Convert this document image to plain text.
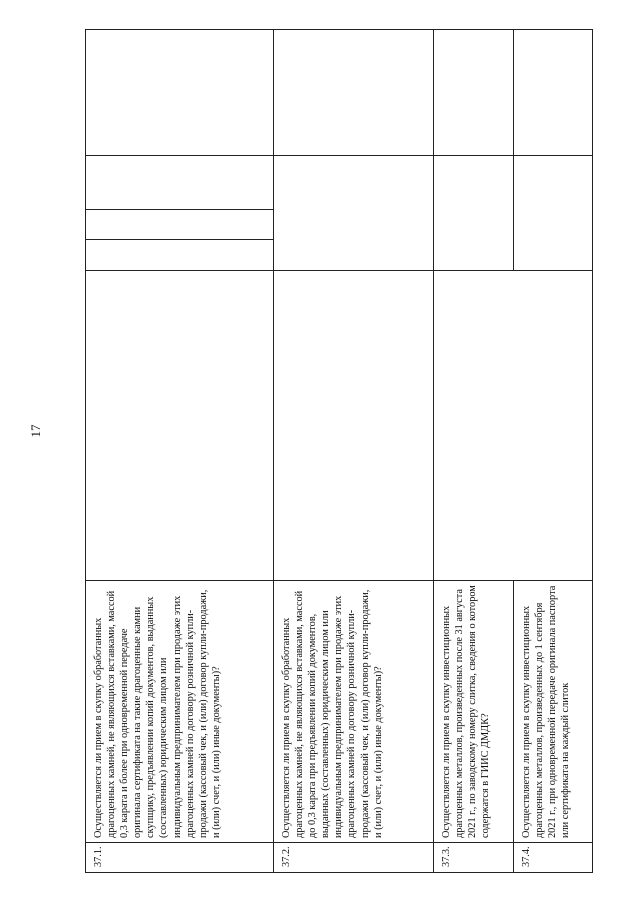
17
37.1.	Осуществляется ли прием в скупку обработанных драгоценных камней, не являющихся вставками, массой 0,3 карата и более при одновременной передаче оригинала сертификата на такие драгоценные камни скупщику, предъявлении копий документов, выданных (составленных) юридическим лицом или индивидуальным предпринимателем при продаже этих драгоценных камней по договору розничной купли-продажи (кассовый чек, и (или) договор купли-продажи, и (или) счет, и (или) иные документы)?		

37.2.	Осуществляется ли прием в скупку обработанных драгоценных камней, не являющихся вставками, массой до 0,3 карата при предъявлении копий документов, выданных (составленных) юридическим лицом или индивидуальным предпринимателем при продаже этих драгоценных камней по договору розничной купли-продажи (кассовый чек, и (или) договор купли-продажи, и (или) счет, и (или) иные документы)?	

37.3.	Осуществляется ли прием в скупку инвестиционных драгоценных металлов, произведенных после 31 августа 2021 г., по заводскому номеру слитка, сведения о котором содержатся в ГИИС ДМДК?			
37.4.	Осуществляется ли прием в скупку инвестиционных драгоценных металлов, произведенных до 1 сентября 2021 г., при одновременной передаче оригинала паспорта или сертификата на каждый слиток			
